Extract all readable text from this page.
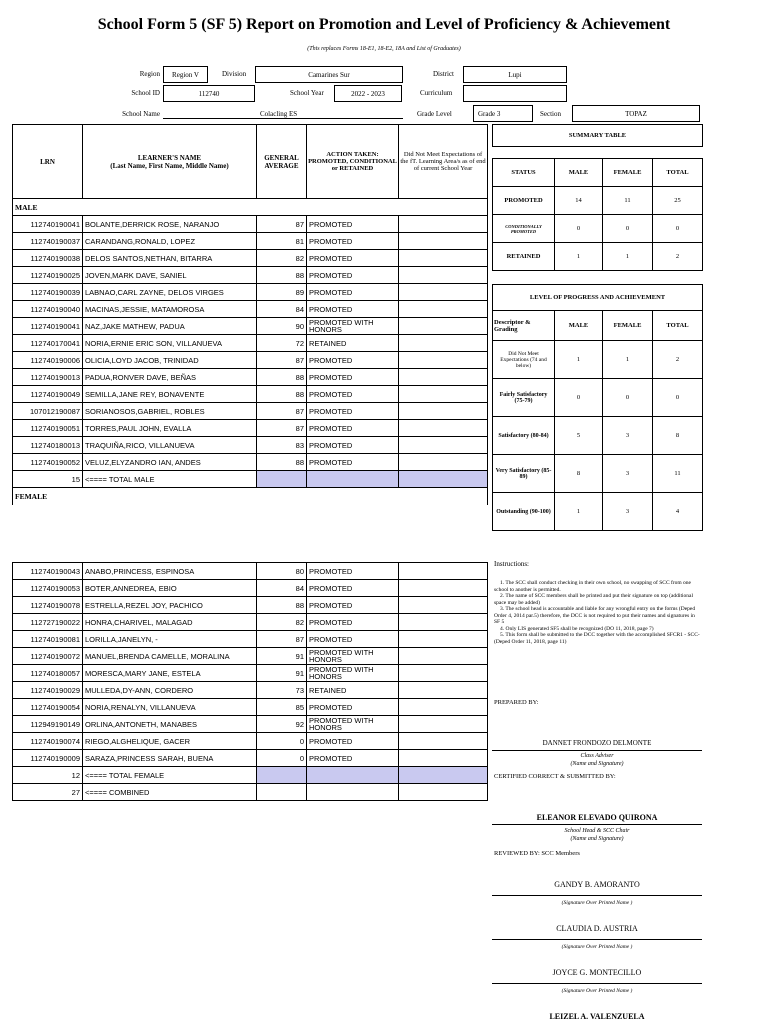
School Form 5 (SF 5) Report on Promotion and Level of Proficiency & Achievement
(This replaces Forms 18-E1, 18-E2, 18A and List of Graduates)
Region	Region V	Division	Camarines Sur	District	Lupi
School ID	112740	School Year	2022 - 2023	Curriculum
School Name	Colacling ES	Grade Level	Grade 3	Section	TOPAZ
LRN	LEARNER'S NAME
(Last Name, First Name, Middle Name)	GENERAL AVERAGE	ACTION TAKEN: PROMOTED, CONDITIONAL or RETAINED	Did Not Meet Expectations of the fT. Learning Area/s as of end of current School Year
MALE				
112740190041	BOLANTE,DERRICK ROSE, NARANJO	87	PROMOTED	
112740190037	CARANDANG,RONALD, LOPEZ	81	PROMOTED	
112740190038	DELOS SANTOS,NETHAN, BITARRA	82	PROMOTED	
112740190025	JOVEN,MARK DAVE, SANIEL	88	PROMOTED	
112740190039	LABNAO,CARL ZAYNE, DELOS VIRGES	89	PROMOTED	
112740190040	MACINAS,JESSIE, MATAMOROSA	84	PROMOTED	
112740190041	NAZ,JAKE MATHEW, PADUA	90	PROMOTED WITH HONORS	
112740170041	NORIA,ERNIE ERIC SON, VILLANUEVA	72	RETAINED	
112740190006	OLICIA,LOYD JACOB, TRINIDAD	87	PROMOTED	
112740190013	PADUA,RONVER DAVE, BEÑAS	88	PROMOTED	
112740190049	SEMILLA,JANE REY, BONAVENTE	88	PROMOTED	
107012190087	SORIANOSOS,GABRIEL, ROBLES	87	PROMOTED	
112740190051	TORRES,PAUL JOHN, EVALLA	87	PROMOTED	
112740180013	TRAQUIÑA,RICO, VILLANUEVA	83	PROMOTED	
112740190052	VELUZ,ELYZANDRO IAN, ANDES	88	PROMOTED	
15	<==== TOTAL MALE			
FEMALE				
112740190043	ANABO,PRINCESS, ESPINOSA	80	PROMOTED	
112740190053	BOTER,ANNEDREA, EBIO	84	PROMOTED	
112740190078	ESTRELLA,REZEL JOY, PACHICO	88	PROMOTED	
112727190022	HONRA,CHARIVEL, MALAGAD	82	PROMOTED	
112740190081	LORILLA,JANELYN, -	87	PROMOTED	
112740190072	MANUEL,BRENDA CAMELLE, MORALINA	91	PROMOTED WITH HONORS	
112740180057	MORESCA,MARY JANE, ESTELA	91	PROMOTED WITH HONORS	
112740190029	MULLEDA,DY-ANN, CORDERO	73	RETAINED	
112740190054	NORIA,RENALYN, VILLANUEVA	85	PROMOTED	
112949190149	ORLINA,ANTONETH, MANABES	92	PROMOTED WITH HONORS	
112740190074	RIEGO,ALGHELIQUE, GACER	0	PROMOTED	
112740190009	SARAZA,PRINCESS SARAH, BUENA	0	PROMOTED	
12	<==== TOTAL FEMALE			
27	<==== COMBINED			
SUMMARY TABLE			

STATUS	MALE	FEMALE	TOTAL
PROMOTED	14	11	25
CONDITIONALLY PROMOTED	0	0	0
RETAINED	1	1	2

LEVEL OF PROGRESS AND ACHIEVEMENT			
Descriptor & Grading	MALE	FEMALE	TOTAL
Did Not Meet Expectations (74 and below)	1	1	2
Fairly Satisfactory (75-79)	0	0	0
Satisfactory (80-84)	5	3	8
Very Satisfactory (85-89)	8	3	11
Outstanding (90-100)	1	3	4
Instructions:
1. The SCC shall conduct checking in their own school, no swapping of SCC from one school to another is permitted.
2. The name of SCC members shall be printed and put their signature on top (additional space may be added)
3. The school head is accountable and liable for any wrongful entry on the forms (Deped Order 4, 2014 par.5) therefore, the DCC is not required to put their names and signatures in SF 5
4. Only LIS generated SF5 shall be recognized (DO 11, 2018, page 7)
5. This form shall be submitted to the DCC together with the accomplished SFCR1 - SCC- (Deped Order 11, 2018, page 11)
PREPARED BY:
DANNET FRONDOZO DELMONTE
Class Adviser
(Name and Signature)
CERTIFIED CORRECT & SUBMITTED BY:
ELEANOR ELEVADO QUIRONA
School Head & SCC Chair
(Name and Signature)
REVIEWED BY: SCC Members
GANDY B. AMORANTO
(Signature Over Printed Name )
CLAUDIA D. AUSTRIA
(Signature Over Printed Name )
JOYCE G. MONTECILLO
(Signature Over Printed Name )
LEIZEL A. VALENZUELA
